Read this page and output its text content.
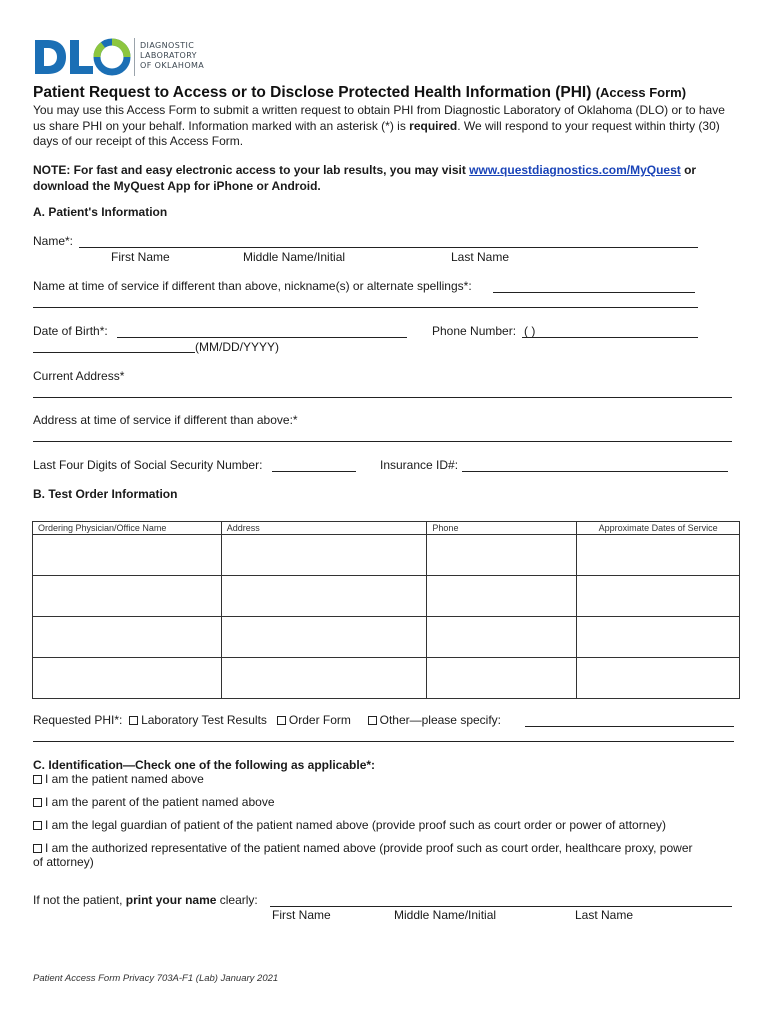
DIAGNOSTIC
LABORATORY
OF OKLAHOMA
Patient Request to Access or to Disclose Protected Health Information (PHI) (Access Form)
You may use this Access Form to submit a written request to obtain PHI from Diagnostic Laboratory of Oklahoma (DLO) or to have us share PHI on your behalf. Information marked with an asterisk (*) is required. We will respond to your request within thirty (30) days of our receipt of this Access Form.
NOTE: For fast and easy electronic access to your lab results, you may visit www.questdiagnostics.com/MyQuest or download the MyQuest App for iPhone or Android.
A. Patient's Information
Name*:
First Name	Middle Name/Initial	Last Name
Name at time of service if different than above, nickname(s) or alternate spellings*:
Date of Birth*:	Phone Number: ( )
(MM/DD/YYYY)
Current Address*
Address at time of service if different than above:*
Last Four Digits of Social Security Number:	Insurance ID#:
B. Test Order Information
Ordering Physician/Office Name	Address	Phone	Approximate Dates of Service

Requested PHI*: Laboratory Test Results Order Form Other—please specify:
C. Identification—Check one of the following as applicable*:
I am the patient named above
I am the parent of the patient named above
I am the legal guardian of patient of the patient named above (provide proof such as court order or power of attorney)
I am the authorized representative of the patient named above (provide proof such as court order, healthcare proxy, power
of attorney)
If not the patient, print your name clearly:
First Name	Middle Name/Initial	Last Name
Patient Access Form Privacy 703A-F1 (Lab) January 2021
